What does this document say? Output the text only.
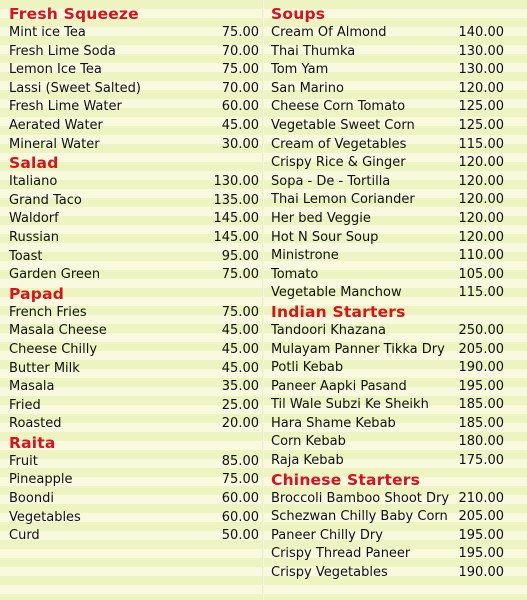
Fresh Squeeze
Mint ice Tea	75.00
Fresh Lime Soda	70.00
Lemon Ice Tea	75.00
Lassi (Sweet Salted)	70.00
Fresh Lime Water	60.00
Aerated Water	45.00
Mineral Water	30.00
Salad
Italiano	130.00
Grand Taco	135.00
Waldorf	145.00
Russian	145.00
Toast	95.00
Garden Green	75.00
Papad
French Fries	75.00
Masala Cheese	45.00
Cheese Chilly	45.00
Butter Milk	45.00
Masala	35.00
Fried	25.00
Roasted	20.00
Raita
Fruit	85.00
Pineapple	75.00
Boondi	60.00
Vegetables	60.00
Curd	50.00
Soups
Cream Of Almond	140.00
Thai Thumka	130.00
Tom Yam	130.00
San Marino	120.00
Cheese Corn Tomato	125.00
Vegetable Sweet Corn	125.00
Cream of Vegetables	115.00
Crispy Rice & Ginger	120.00
Sopa - De - Tortilla	120.00
Thai Lemon Coriander	120.00
Her bed Veggie	120.00
Hot N Sour Soup	120.00
Ministrone	110.00
Tomato	105.00
Vegetable Manchow	115.00
Indian Starters
Tandoori Khazana	250.00
Mulayam Panner Tikka Dry 205.00
Potli Kebab	190.00
Paneer Aapki Pasand	195.00
Til Wale Subzi Ke Sheikh 185.00
Hara Shame Kebab	185.00
Corn Kebab	180.00
Raja Kebab	175.00
Chinese Starters
Broccoli Bamboo Shoot Dry 210.00
Schezwan Chilly Baby Corn 205.00
Paneer Chilly Dry	195.00
Crispy Thread Paneer	195.00
Crispy Vegetables	190.00
